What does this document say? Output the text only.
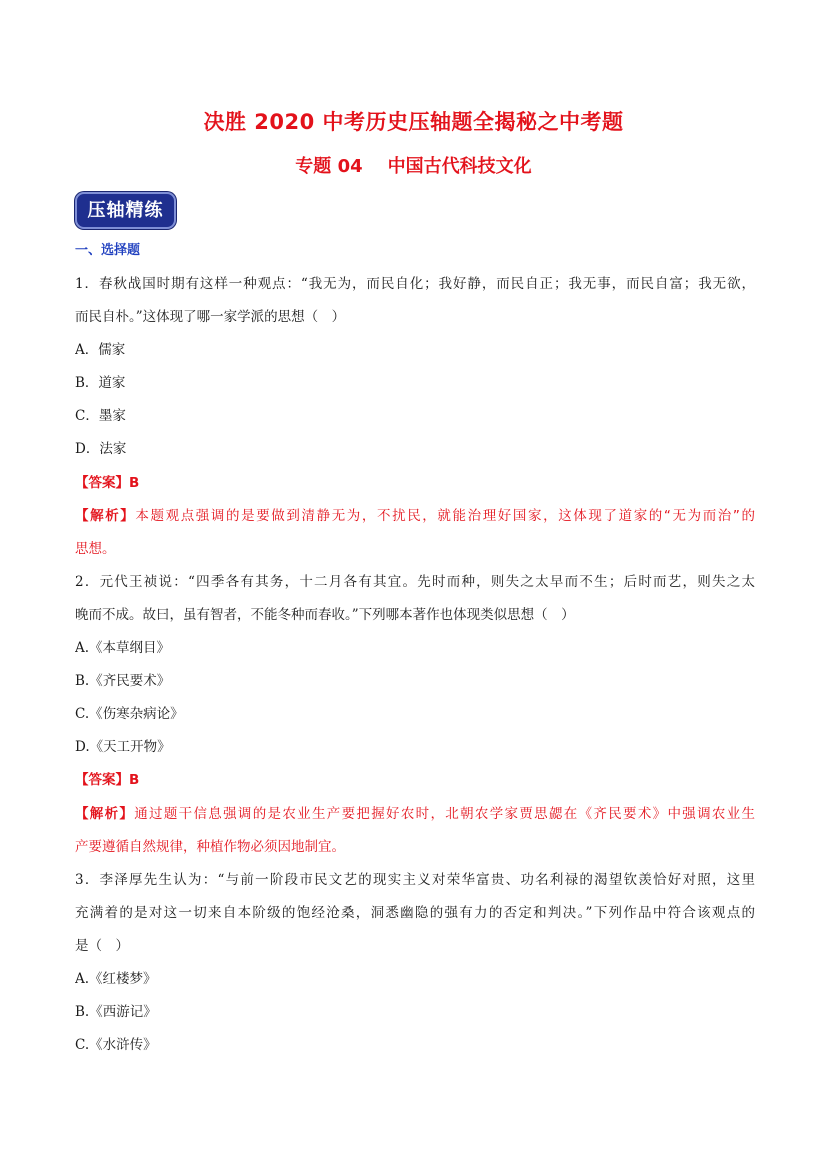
决胜 2020 中考历史压轴题全揭秘之中考题
专题 04    中国古代科技文化
压轴精练
一、选择题
1．春秋战国时期有这样一种观点：“我无为，而民自化；我好静，而民自正；我无事，而民自富；我无欲，
而民自朴。”这体现了哪一家学派的思想（　）
A．儒家
B．道家
C．墨家
D．法家
【答案】B
【解析】本题观点强调的是要做到清静无为，不扰民，就能治理好国家，这体现了道家的“无为而治”的
思想。
2．元代王祯说：“四季各有其务，十二月各有其宜。先时而种，则失之太早而不生；后时而艺，则失之太
晚而不成。故曰，虽有智者，不能冬种而春收。”下列哪本著作也体现类似思想（　）
A.《本草纲目》
B.《齐民要术》
C.《伤寒杂病论》
D.《天工开物》
【答案】B
【解析】通过题干信息强调的是农业生产要把握好农时，北朝农学家贾思勰在《齐民要术》中强调农业生
产要遵循自然规律，种植作物必须因地制宜。
3．李泽厚先生认为：“与前一阶段市民文艺的现实主义对荣华富贵、功名利禄的渴望钦羡恰好对照，这里
充满着的是对这一切来自本阶级的饱经沧桑，洞悉幽隐的强有力的否定和判决。”下列作品中符合该观点的
是（　）
A.《红楼梦》
B.《西游记》
C.《水浒传》
